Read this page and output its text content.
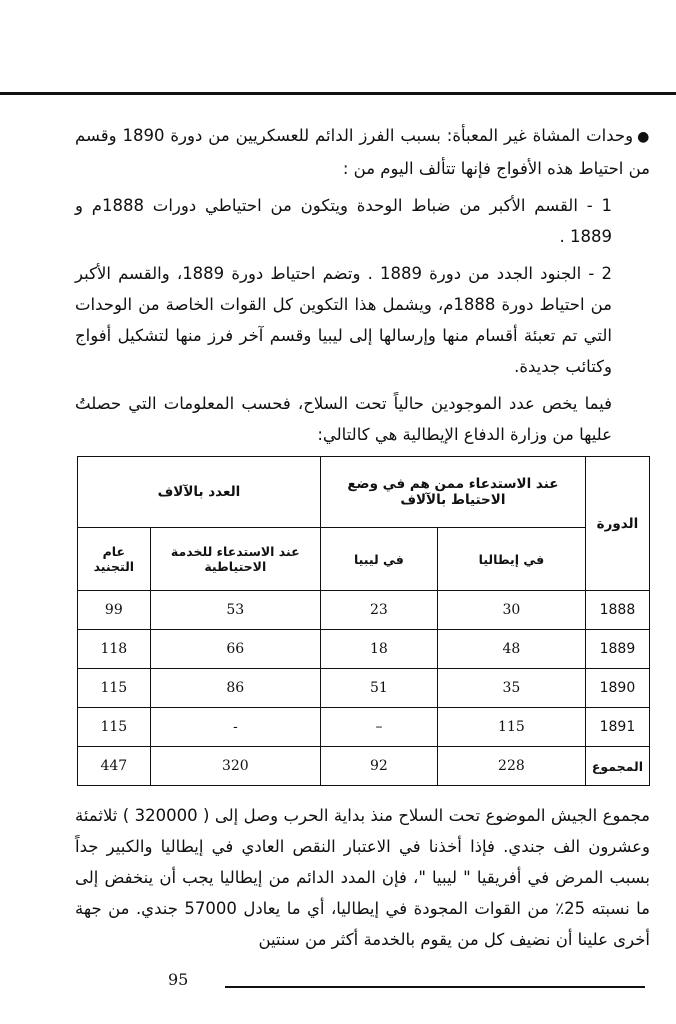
●وحدات المشاة غير المعبأة: بسبب الفرز الدائم للعسكريين من دورة 1890 وقسم من احتياط هذه الأفواج فإنها تتألف اليوم من :

1 - القسم الأكبر من ضباط الوحدة ويتكون من احتياطي دورات 1888م و 1889 .

2 - الجنود الجدد من دورة 1889 . وتضم احتياط دورة 1889، والقسم الأكبر من احتياط دورة 1888م، ويشمل هذا التكوين كل القوات الخاصة من الوحدات التي تم تعبئة أقسام منها وإرسالها إلى ليبيا وقسم آخر فرز منها لتشكيل أفواج وكتائب جديدة.

فيما يخص عدد الموجودين حالياً تحت السلاح، فحسب المعلومات التي حصلتُ عليها من وزارة الدفاع الإيطالية هي كالتالي:

الدورة	عند الاستدعاء ممن هم في وضع الاحتياط بالآلاف		العدد بالآلاف	
	في إيطاليا	في ليبيا	عند الاستدعاء للخدمة الاحتياطية	عام التجنيد
1888	30	23	53	99
1889	48	18	66	118
1890	35	51	86	115
1891	115	–	-	115
المجموع	228	92	320	447

مجموع الجيش الموضوع تحت السلاح منذ بداية الحرب وصل إلى ( 320000 ) ثلاثمئة وعشرون الف جندي. فإذا أخذنا في الاعتبار النقص العادي في إيطاليا والكبير جداً بسبب المرض في أفريقيا " ليبيا "، فإن المدد الدائم من إيطاليا يجب أن ينخفض إلى ما نسبته 25٪ من القوات المجودة في إيطاليا، أي ما يعادل 57000 جندي. من جهة أخرى علينا أن نضيف كل من يقوم بالخدمة أكثر من سنتين

95
